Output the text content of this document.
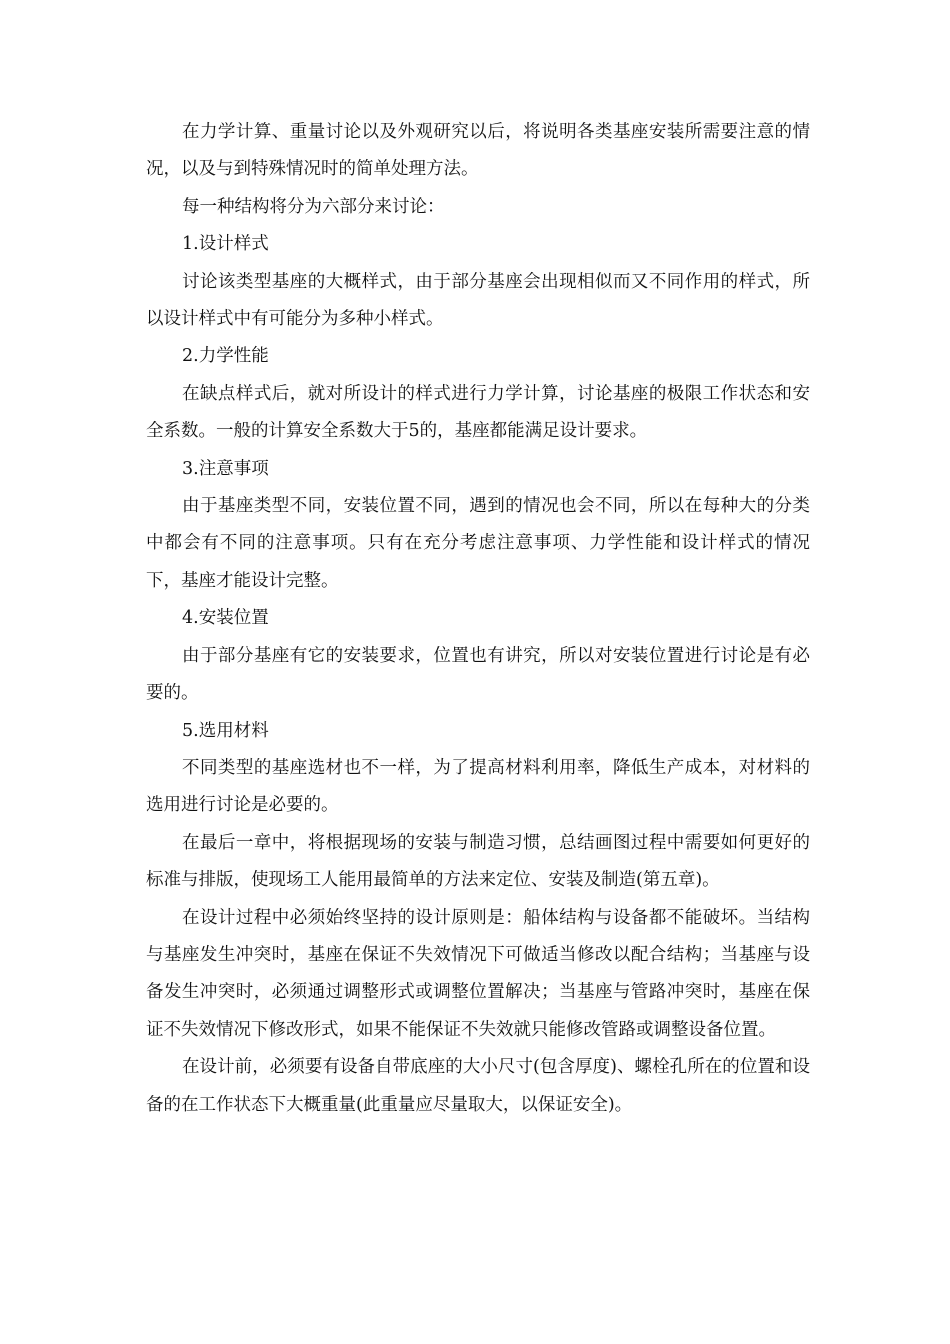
在力学计算、重量讨论以及外观研究以后，将说明各类基座安装所需要注意的情况，以及与到特殊情况时的简单处理方法。

每一种结构将分为六部分来讨论：

1.设计样式

讨论该类型基座的大概样式，由于部分基座会出现相似而又不同作用的样式，所以设计样式中有可能分为多种小样式。

2.力学性能

在缺点样式后，就对所设计的样式进行力学计算，讨论基座的极限工作状态和安全系数。一般的计算安全系数大于5的，基座都能满足设计要求。

3.注意事项

由于基座类型不同，安装位置不同，遇到的情况也会不同，所以在每种大的分类中都会有不同的注意事项。只有在充分考虑注意事项、力学性能和设计样式的情况下，基座才能设计完整。

4.安装位置

由于部分基座有它的安装要求，位置也有讲究，所以对安装位置进行讨论是有必要的。

5.选用材料

不同类型的基座选材也不一样，为了提高材料利用率，降低生产成本，对材料的选用进行讨论是必要的。

在最后一章中，将根据现场的安装与制造习惯，总结画图过程中需要如何更好的标准与排版，使现场工人能用最简单的方法来定位、安装及制造(第五章)。

在设计过程中必须始终坚持的设计原则是：船体结构与设备都不能破坏。当结构与基座发生冲突时，基座在保证不失效情况下可做适当修改以配合结构；当基座与设备发生冲突时，必须通过调整形式或调整位置解决；当基座与管路冲突时，基座在保证不失效情况下修改形式，如果不能保证不失效就只能修改管路或调整设备位置。

在设计前，必须要有设备自带底座的大小尺寸(包含厚度)、螺栓孔所在的位置和设备的在工作状态下大概重量(此重量应尽量取大，以保证安全)。
